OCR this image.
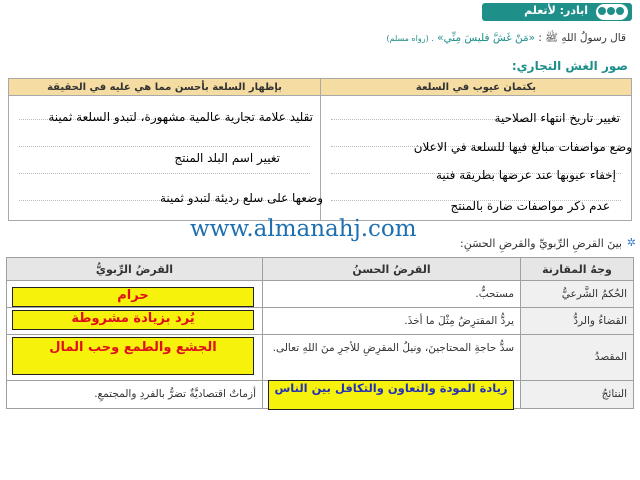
ابادر: لأتعلم
قال رسولُ اللهِ ﷺ : «مَنْ غَشَّ فليسَ مِنِّي» . (رواه مسلم)
صور الغش التجاري:
بكتمان عيوب في السلعة
بإظهار السلعة بأحسن مما هي عليه في الحقيقة
تغيير تاريخ انتهاء الصلاحية
وضع مواصفات مبالغ فيها للسلعة في الاعلان
إخفاء عيوبها عند عرضها بطريقة فنية
عدم ذكر مواصفات ضارة بالمنتج
تقليد علامة تجارية عالمية مشهورة، لتبدو السلعة ثمينة
تغيير اسم البلد المنتج
وضعها على سلع رديئة لتبدو ثمينة
www.almanahj.com
✲
بينَ القرضِ الرِّبويِّ والقرضِ الحسَنِ:
وجهُ المقارنة
القرضُ الحسنُ
القرضُ الرِّبويُّ
الحُكمُ الشَّرعيُّ
مستحبٌّ.
القضاءُ والردُّ
يردُّ المقترِضُ مِثْلَ ما أخذَ.
المقصدُ
سدُّ حاجةِ المحتاجينَ، ونيلُ المقرِضِ للأجرِ منَ اللهِ تعالى.
النتائجُ
أزماتٌ اقتصاديَّةٌ تضرُّ بالفردِ والمجتمعِ.
حرام
يُرد بزيادة مشروطة
الجشع والطمع وحب المال
زيادة المودة والتعاون والتكافل بين الناس
